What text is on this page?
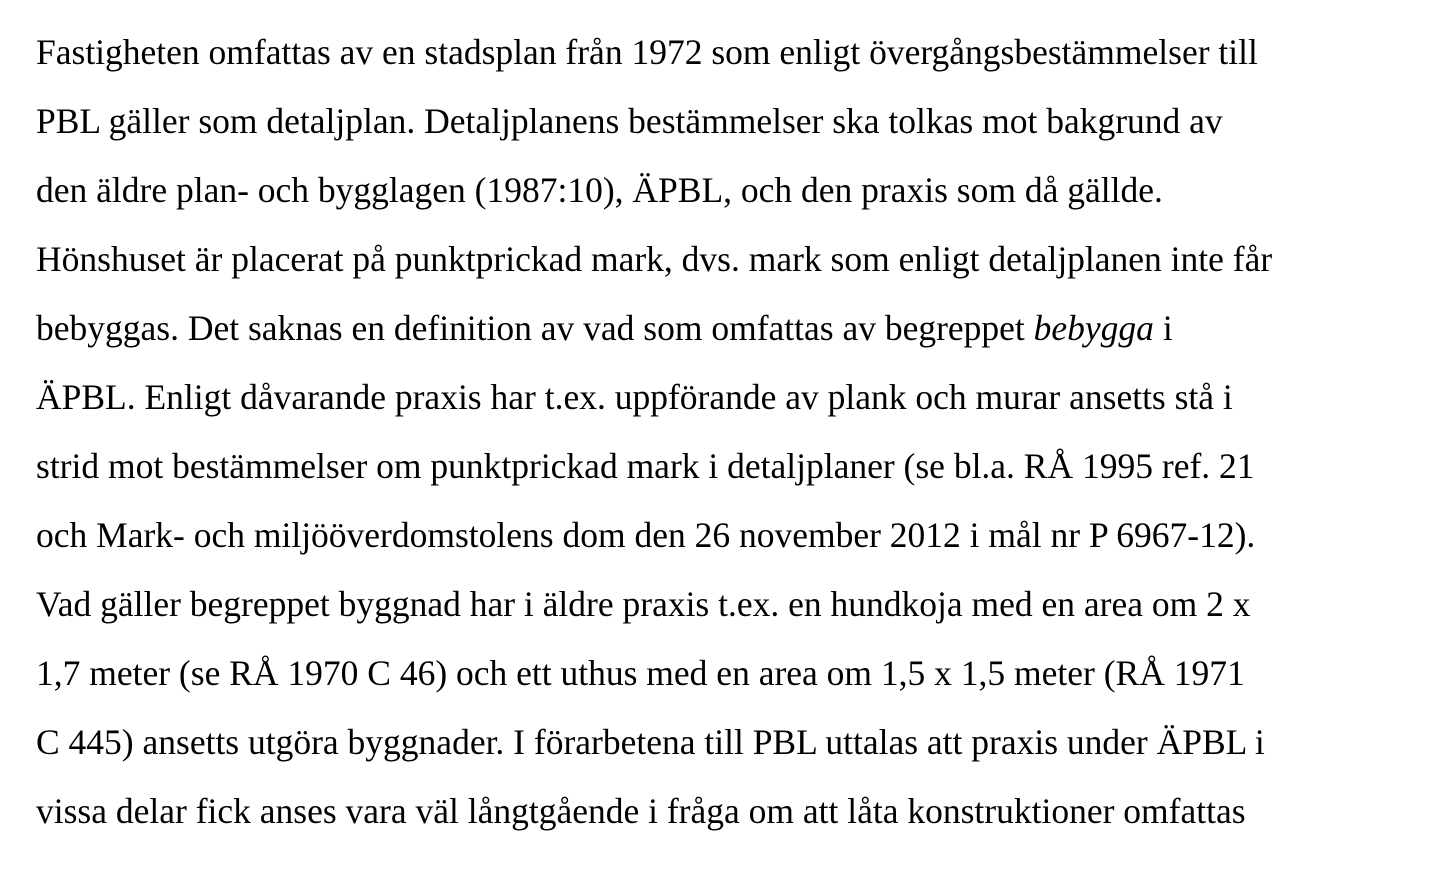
Fastigheten omfattas av en stadsplan från 1972 som enligt övergångsbestämmelser till
PBL gäller som detaljplan. Detaljplanens bestämmelser ska tolkas mot bakgrund av
den äldre plan- och bygglagen (1987:10), ÄPBL, och den praxis som då gällde.
Hönshuset är placerat på punktprickad mark, dvs. mark som enligt detaljplanen inte får
bebyggas. Det saknas en definition av vad som omfattas av begreppet bebygga i
ÄPBL. Enligt dåvarande praxis har t.ex. uppförande av plank och murar ansetts stå i
strid mot bestämmelser om punktprickad mark i detaljplaner (se bl.a. RÅ 1995 ref. 21
och Mark- och miljööverdomstolens dom den 26 november 2012 i mål nr P 6967-12).
Vad gäller begreppet byggnad har i äldre praxis t.ex. en hundkoja med en area om 2 x
1,7 meter (se RÅ 1970 C 46) och ett uthus med en area om 1,5 x 1,5 meter (RÅ 1971
C 445) ansetts utgöra byggnader. I förarbetena till PBL uttalas att praxis under ÄPBL i
vissa delar fick anses vara väl långtgående i fråga om att låta konstruktioner omfattas
